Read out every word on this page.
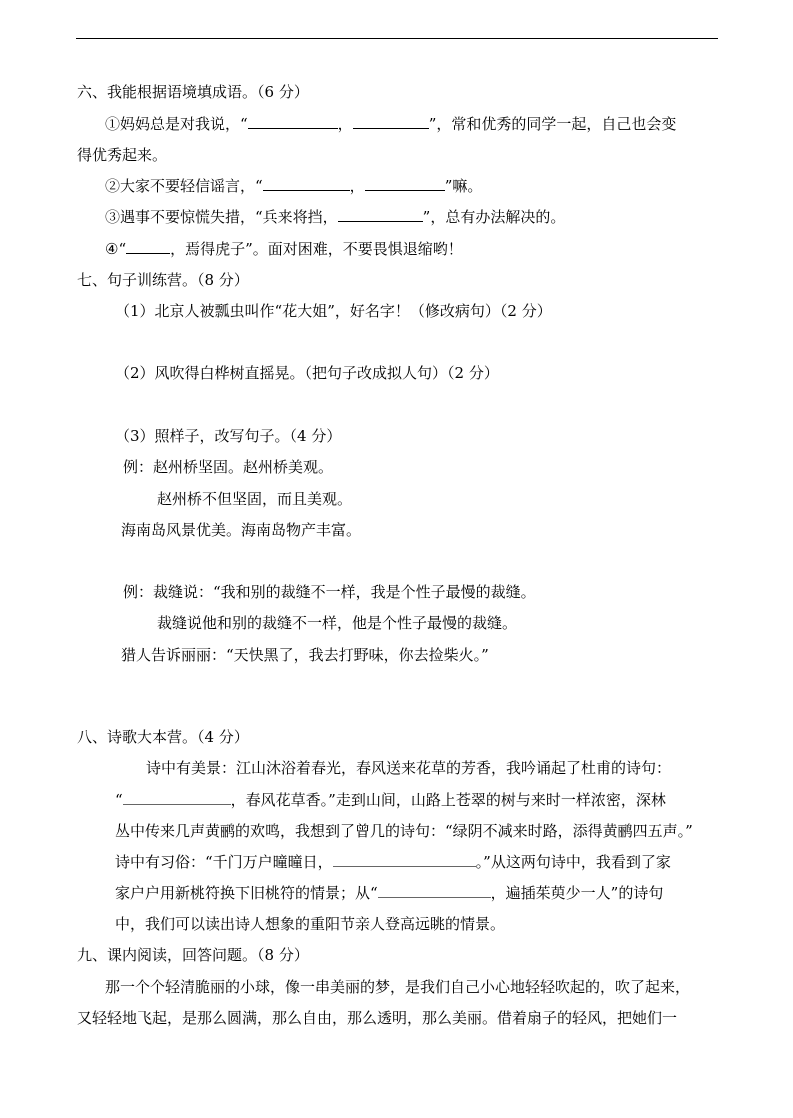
六、我能根据语境填成语。（6 分）
①妈妈总是对我说，“	，	”，常和优秀的同学一起，自己也会变
得优秀起来。
②大家不要轻信谣言，“	，	”嘛。
③遇事不要惊慌失措，“兵来将挡，	”，总有办法解决的。
④“	，焉得虎子”。面对困难，不要畏惧退缩哟！
七、句子训练营。（8 分）
（1）北京人被瓢虫叫作“花大姐”，好名字！（修改病句）（2 分）
（2）风吹得白桦树直摇晃。（把句子改成拟人句）（2 分）
（3）照样子，改写句子。（4 分）
例：赵州桥坚固。赵州桥美观。
赵州桥不但坚固，而且美观。
海南岛风景优美。海南岛物产丰富。
例：裁缝说：“我和别的裁缝不一样，我是个性子最慢的裁缝。
裁缝说他和别的裁缝不一样，他是个性子最慢的裁缝。
猎人告诉丽丽：“天快黑了，我去打野味，你去捡柴火。”
八、诗歌大本营。（4 分）
诗中有美景：江山沐浴着春光，春风送来花草的芳香，我吟诵起了杜甫的诗句：
“	，春风花草香。”走到山间，山路上苍翠的树与来时一样浓密，深林
丛中传来几声黄鹂的欢鸣，我想到了曾几的诗句：“绿阴不减来时路，添得黄鹂四五声。”
诗中有习俗：“千门万户曈曈日，	。”从这两句诗中，我看到了家
家户户用新桃符换下旧桃符的情景；从“	，遍插茱萸少一人”的诗句
中，我们可以读出诗人想象的重阳节亲人登高远眺的情景。
九、课内阅读，回答问题。（8 分）
那一个个轻清脆丽的小球，像一串美丽的梦，是我们自己小心地轻轻吹起的，吹了起来，
又轻轻地飞起，是那么圆满，那么自由，那么透明，那么美丽。借着扇子的轻风，把她们一
